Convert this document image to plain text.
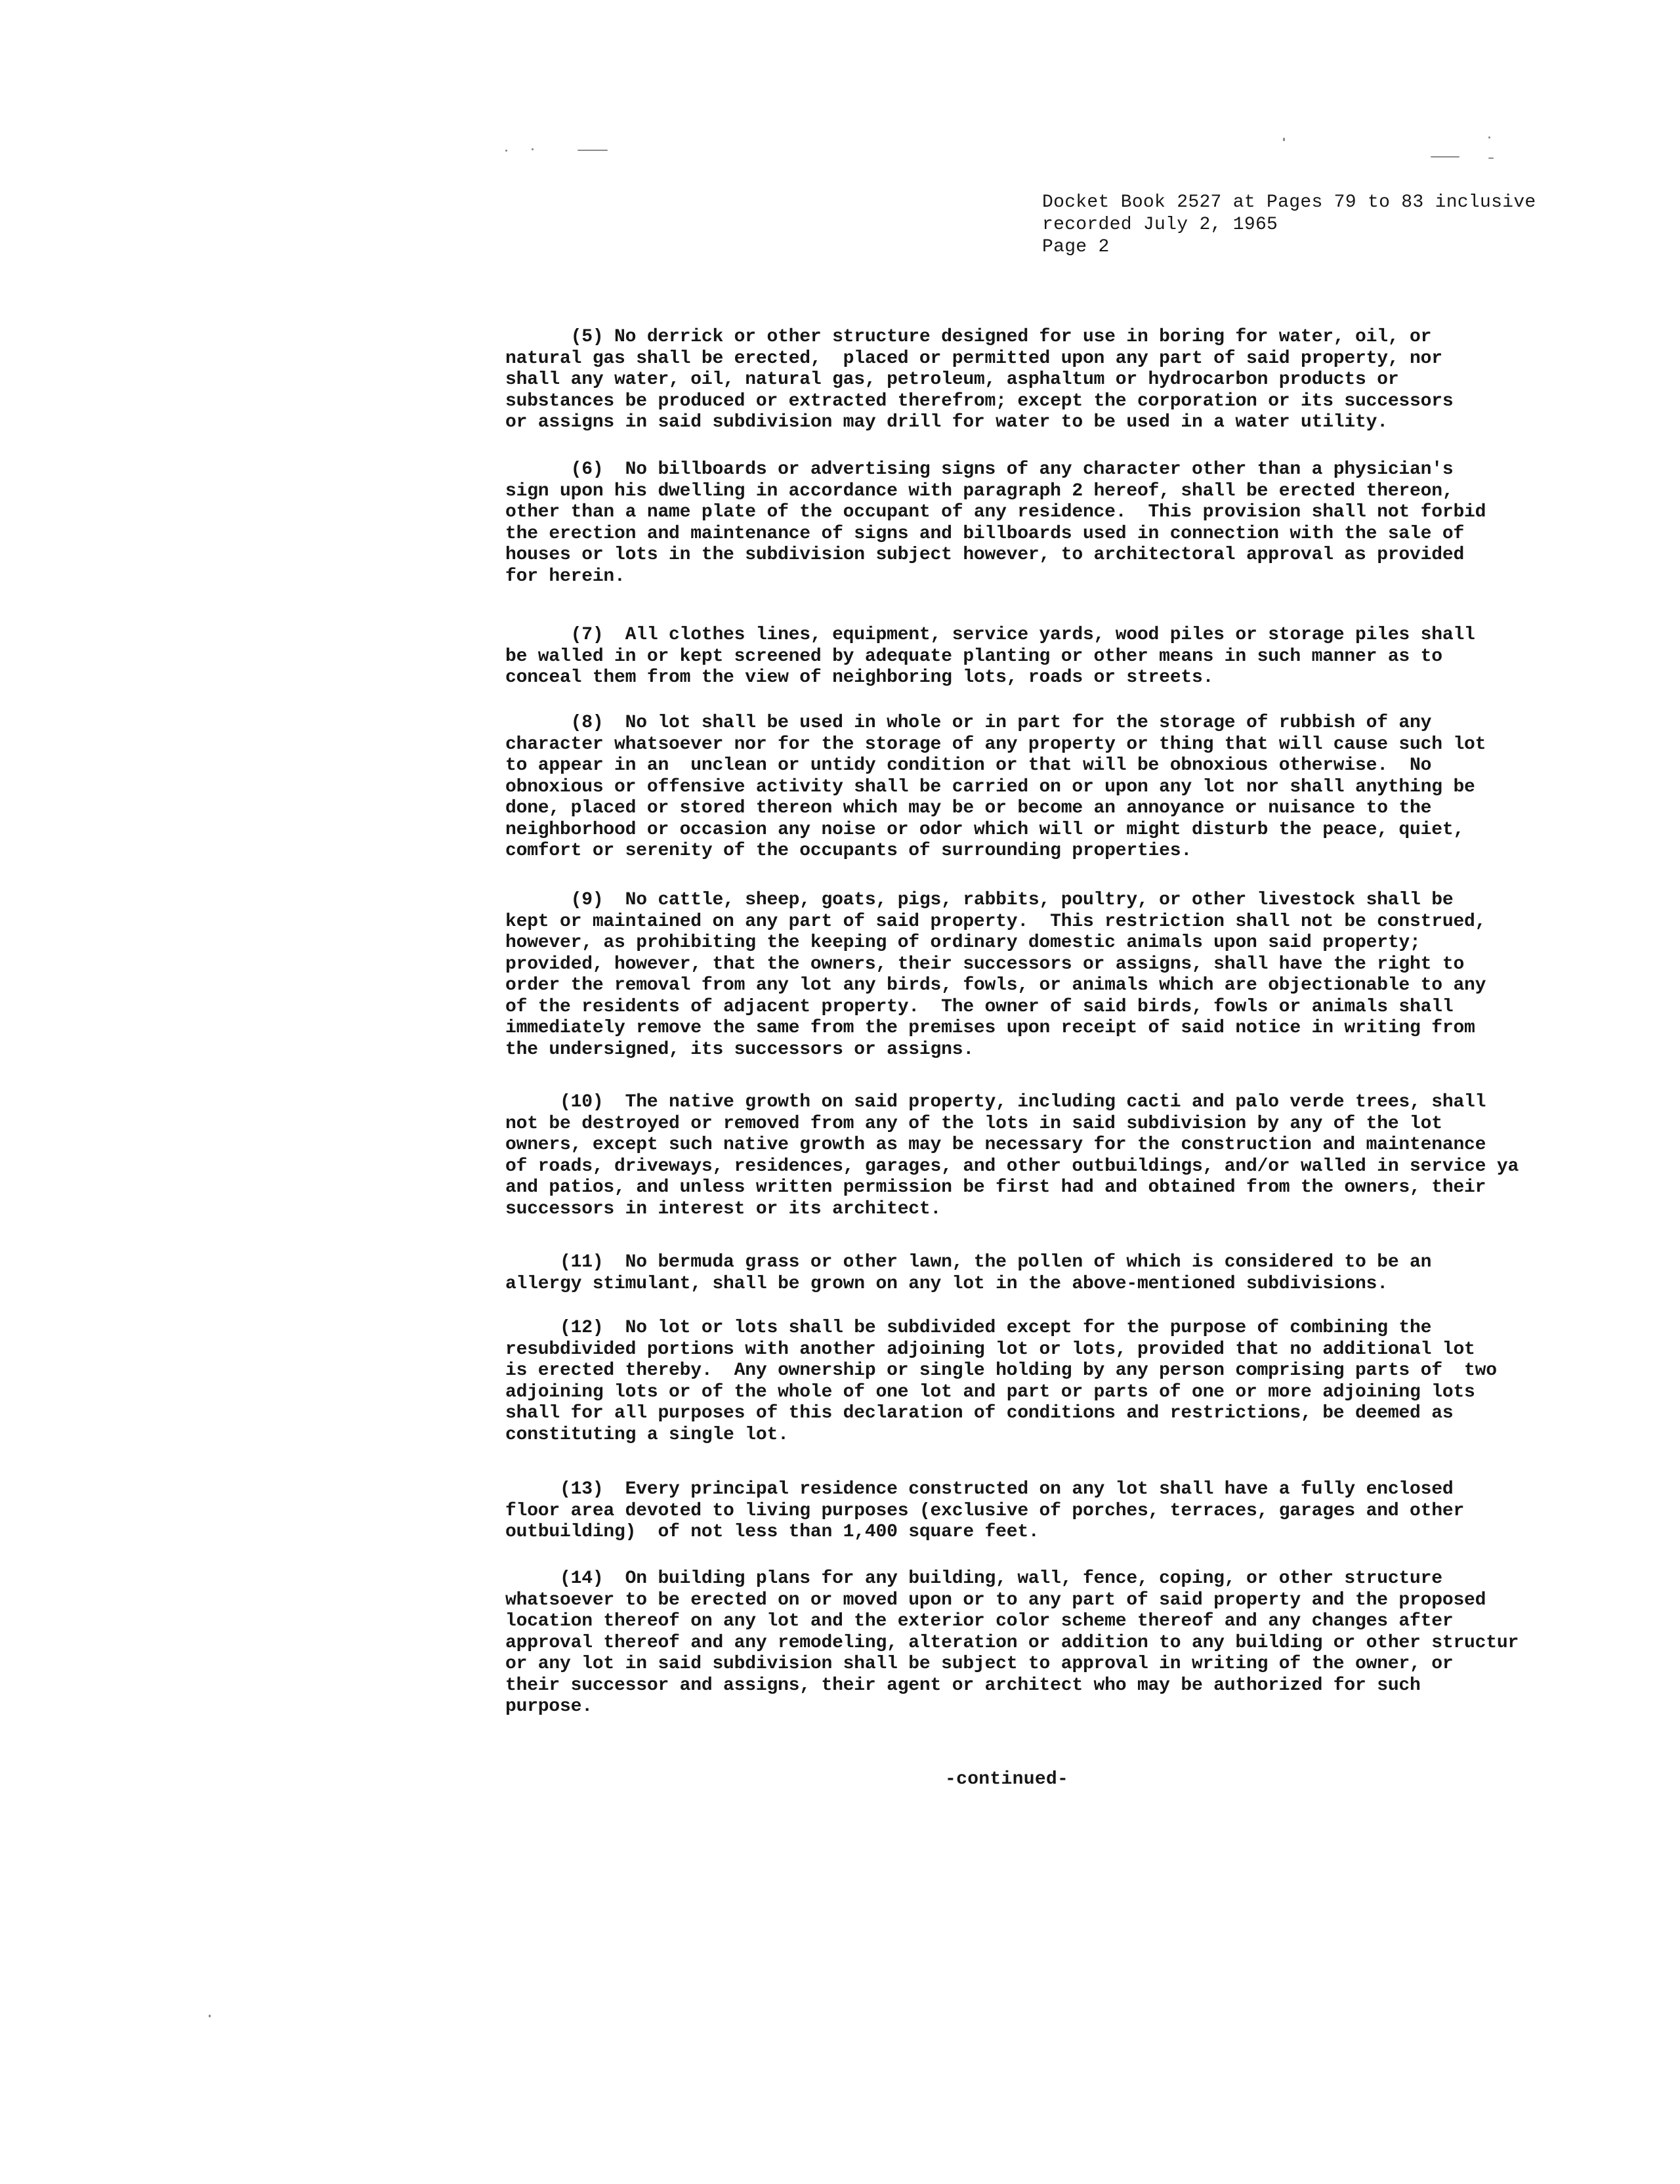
Docket Book 2527 at Pages 79 to 83 inclusive
recorded July 2, 1965
Page 2
(5) No derrick or other structure designed for use in boring for water, oil, or
natural gas shall be erected,  placed or permitted upon any part of said property, nor
shall any water, oil, natural gas, petroleum, asphaltum or hydrocarbon products or
substances be produced or extracted therefrom; except the corporation or its successors
or assigns in said subdivision may drill for water to be used in a water utility.
(6)  No billboards or advertising signs of any character other than a physician's
sign upon his dwelling in accordance with paragraph 2 hereof, shall be erected thereon,
other than a name plate of the occupant of any residence.  This provision shall not forbid
the erection and maintenance of signs and billboards used in connection with the sale of
houses or lots in the subdivision subject however, to architectoral approval as provided
for herein.
(7)  All clothes lines, equipment, service yards, wood piles or storage piles shall
be walled in or kept screened by adequate planting or other means in such manner as to
conceal them from the view of neighboring lots, roads or streets.
(8)  No lot shall be used in whole or in part for the storage of rubbish of any
character whatsoever nor for the storage of any property or thing that will cause such lot
to appear in an  unclean or untidy condition or that will be obnoxious otherwise.  No
obnoxious or offensive activity shall be carried on or upon any lot nor shall anything be
done, placed or stored thereon which may be or become an annoyance or nuisance to the
neighborhood or occasion any noise or odor which will or might disturb the peace, quiet,
comfort or serenity of the occupants of surrounding properties.
(9)  No cattle, sheep, goats, pigs, rabbits, poultry, or other livestock shall be
kept or maintained on any part of said property.  This restriction shall not be construed,
however, as prohibiting the keeping of ordinary domestic animals upon said property;
provided, however, that the owners, their successors or assigns, shall have the right to
order the removal from any lot any birds, fowls, or animals which are objectionable to any
of the residents of adjacent property.  The owner of said birds, fowls or animals shall
immediately remove the same from the premises upon receipt of said notice in writing from
the undersigned, its successors or assigns.
(10)  The native growth on said property, including cacti and palo verde trees, shall
not be destroyed or removed from any of the lots in said subdivision by any of the lot
owners, except such native growth as may be necessary for the construction and maintenance
of roads, driveways, residences, garages, and other outbuildings, and/or walled in service ya
and patios, and unless written permission be first had and obtained from the owners, their
successors in interest or its architect.
(11)  No bermuda grass or other lawn, the pollen of which is considered to be an
allergy stimulant, shall be grown on any lot in the above-mentioned subdivisions.
(12)  No lot or lots shall be subdivided except for the purpose of combining the
resubdivided portions with another adjoining lot or lots, provided that no additional lot
is erected thereby.  Any ownership or single holding by any person comprising parts of  two
adjoining lots or of the whole of one lot and part or parts of one or more adjoining lots
shall for all purposes of this declaration of conditions and restrictions, be deemed as
constituting a single lot.
(13)  Every principal residence constructed on any lot shall have a fully enclosed
floor area devoted to living purposes (exclusive of porches, terraces, garages and other
outbuilding)  of not less than 1,400 square feet.
(14)  On building plans for any building, wall, fence, coping, or other structure
whatsoever to be erected on or moved upon or to any part of said property and the proposed
location thereof on any lot and the exterior color scheme thereof and any changes after
approval thereof and any remodeling, alteration or addition to any building or other structur
or any lot in said subdivision shall be subject to approval in writing of the owner, or
their successor and assigns, their agent or architect who may be authorized for such
purpose.
-continued-
